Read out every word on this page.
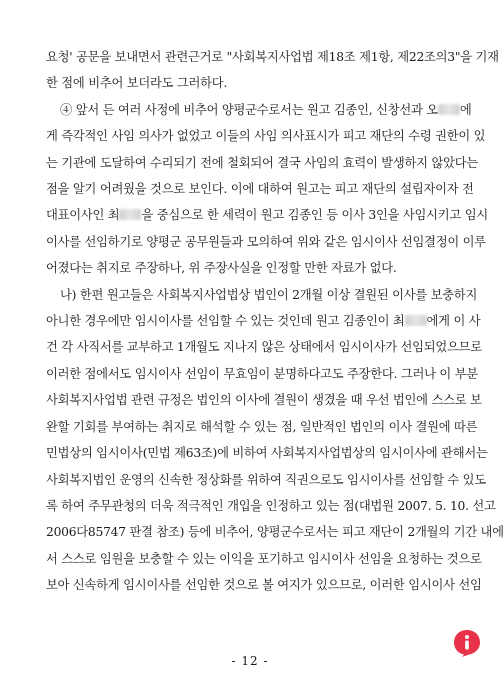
요청' 공문을 보내면서 관련근거로 "사회복지사업법 제18조 제1항, 제22조의3"을 기재
한 점에 비추어 보더라도 그러하다.
④ 앞서 든 여러 사정에 비추어 양평군수로서는 원고 김종인, 신창선과 오 에
게 즉각적인 사임 의사가 없었고 이들의 사임 의사표시가 피고 재단의 수령 권한이 있
는 기관에 도달하여 수리되기 전에 철회되어 결국 사임의 효력이 발생하지 않았다는
점을 알기 어려웠을 것으로 보인다. 이에 대하여 원고는 피고 재단의 설립자이자 전
대표이사인 최 을 중심으로 한 세력이 원고 김종인 등 이사 3인을 사임시키고 임시
이사를 선임하기로 양평군 공무원들과 모의하여 위와 같은 임시이사 선임결정이 이루
어졌다는 취지로 주장하나, 위 주장사실을 인정할 만한 자료가 없다.
나) 한편 원고들은 사회복지사업법상 법인이 2개월 이상 결원된 이사를 보충하지
아니한 경우에만 임시이사를 선임할 수 있는 것인데 원고 김종인이 최 에게 이 사
건 각 사직서를 교부하고 1개월도 지나지 않은 상태에서 임시이사가 선임되었으므로
이러한 점에서도 임시이사 선임이 무효임이 분명하다고도 주장한다. 그러나 이 부분
사회복지사업법 관련 규정은 법인의 이사에 결원이 생겼을 때 우선 법인에 스스로 보
완할 기회를 부여하는 취지로 해석할 수 있는 점, 일반적인 법인의 이사 결원에 따른
민법상의 임시이사(민법 제63조)에 비하여 사회복지사업법상의 임시이사에 관해서는
사회복지법인 운영의 신속한 정상화를 위하여 직권으로도 임시이사를 선임할 수 있도
록 하여 주무관청의 더욱 적극적인 개입을 인정하고 있는 점(대법원 2007. 5. 10. 선고
2006다85747 판결 참조) 등에 비추어, 양평군수로서는 피고 재단이 2개월의 기간 내에
서 스스로 임원을 보충할 수 있는 이익을 포기하고 임시이사 선임을 요청하는 것으로
보아 신속하게 임시이사를 선임한 것으로 볼 여지가 있으므로, 이러한 임시이사 선임
- 12 -
